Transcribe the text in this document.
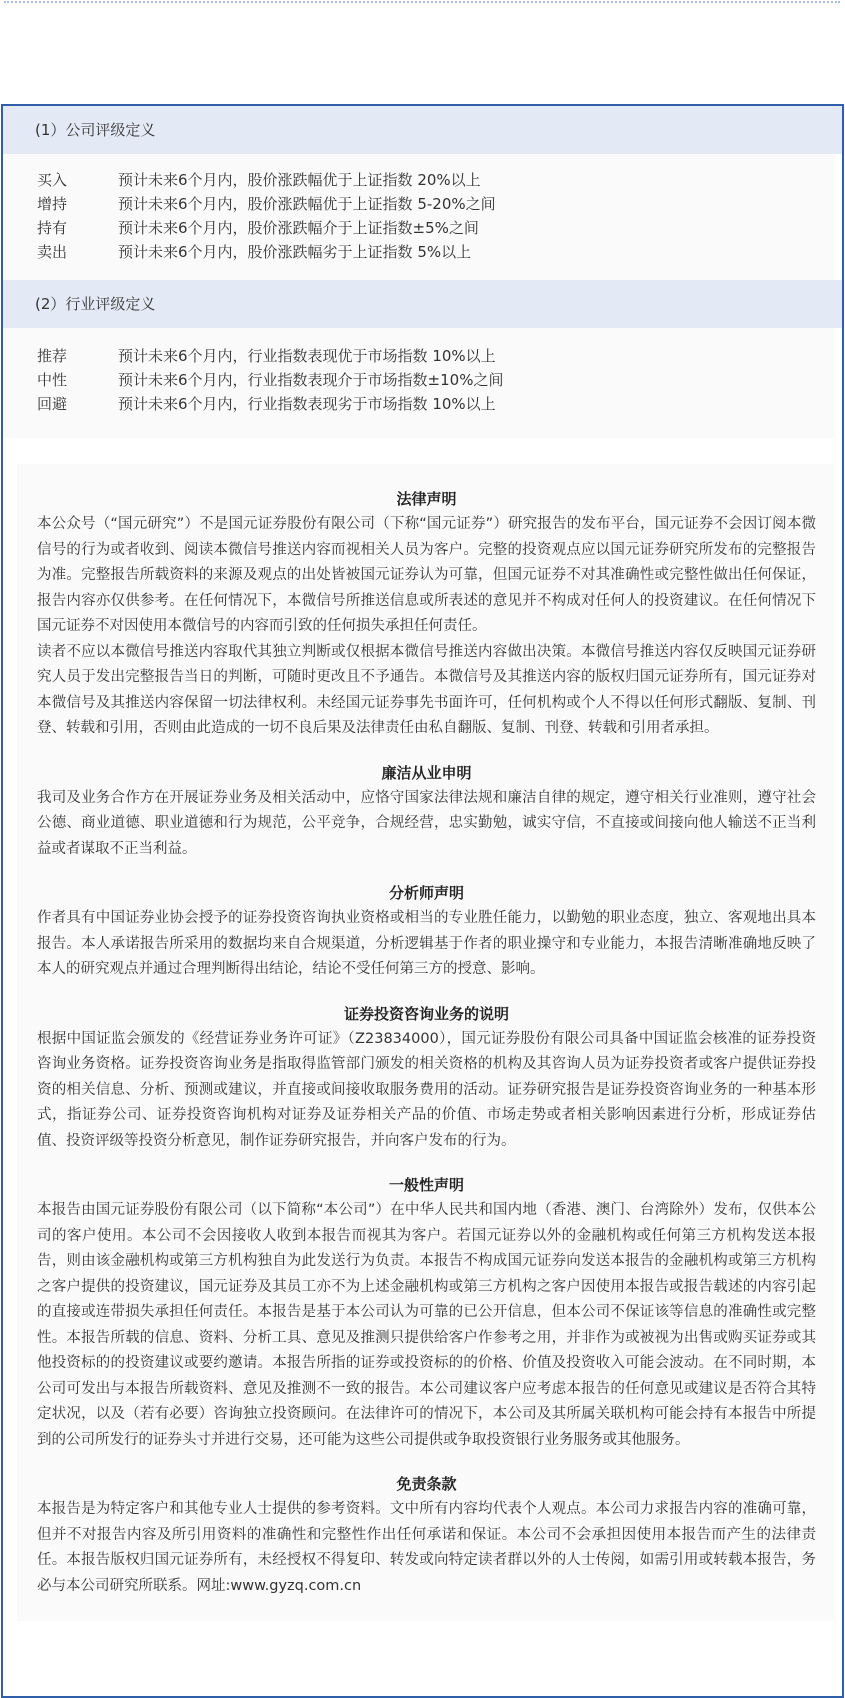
(1）公司评级定义
买入	预计未来6个月内，股价涨跌幅优于上证指数 20%以上
增持	预计未来6个月内，股价涨跌幅优于上证指数 5-20%之间
持有	预计未来6个月内，股价涨跌幅介于上证指数±5%之间
卖出	预计未来6个月内，股价涨跌幅劣于上证指数 5%以上
(2）行业评级定义
推荐	预计未来6个月内，行业指数表现优于市场指数 10%以上
中性	预计未来6个月内，行业指数表现介于市场指数±10%之间
回避	预计未来6个月内，行业指数表现劣于市场指数 10%以上
法律声明

本公众号（“国元研究”）不是国元证券股份有限公司（下称“国元证券”）研究报告的发布平台，国元证券不会因订阅本微信号的行为或者收到、阅读本微信号推送内容而视相关人员为客户。完整的投资观点应以国元证券研究所发布的完整报告为准。完整报告所载资料的来源及观点的出处皆被国元证券认为可靠，但国元证券不对其准确性或完整性做出任何保证，报告内容亦仅供参考。在任何情况下，本微信号所推送信息或所表述的意见并不构成对任何人的投资建议。在任何情况下国元证券不对因使用本微信号的内容而引致的任何损失承担任何责任。

读者不应以本微信号推送内容取代其独立判断或仅根据本微信号推送内容做出决策。本微信号推送内容仅反映国元证券研究人员于发出完整报告当日的判断，可随时更改且不予通告。本微信号及其推送内容的版权归国元证券所有，国元证券对本微信号及其推送内容保留一切法律权利。未经国元证券事先书面许可，任何机构或个人不得以任何形式翻版、复制、刊登、转载和引用，否则由此造成的一切不良后果及法律责任由私自翻版、复制、刊登、转载和引用者承担。

廉洁从业申明

我司及业务合作方在开展证券业务及相关活动中，应恪守国家法律法规和廉洁自律的规定，遵守相关行业准则，遵守社会公德、商业道德、职业道德和行为规范，公平竞争，合规经营，忠实勤勉，诚实守信，不直接或间接向他人输送不正当利益或者谋取不正当利益。

分析师声明

作者具有中国证券业协会授予的证券投资咨询执业资格或相当的专业胜任能力，以勤勉的职业态度，独立、客观地出具本报告。本人承诺报告所采用的数据均来自合规渠道，分析逻辑基于作者的职业操守和专业能力，本报告清晰准确地反映了本人的研究观点并通过合理判断得出结论，结论不受任何第三方的授意、影响。

证券投资咨询业务的说明

根据中国证监会颁发的《经营证券业务许可证》（Z23834000），国元证券股份有限公司具备中国证监会核准的证券投资咨询业务资格。证券投资咨询业务是指取得监管部门颁发的相关资格的机构及其咨询人员为证券投资者或客户提供证券投资的相关信息、分析、预测或建议，并直接或间接收取服务费用的活动。证券研究报告是证券投资咨询业务的一种基本形式，指证券公司、证券投资咨询机构对证券及证券相关产品的价值、市场走势或者相关影响因素进行分析，形成证券估值、投资评级等投资分析意见，制作证券研究报告，并向客户发布的行为。

一般性声明

本报告由国元证券股份有限公司（以下简称“本公司”）在中华人民共和国内地（香港、澳门、台湾除外）发布，仅供本公司的客户使用。本公司不会因接收人收到本报告而视其为客户。若国元证券以外的金融机构或任何第三方机构发送本报告，则由该金融机构或第三方机构独自为此发送行为负责。本报告不构成国元证券向发送本报告的金融机构或第三方机构之客户提供的投资建议，国元证券及其员工亦不为上述金融机构或第三方机构之客户因使用本报告或报告载述的内容引起的直接或连带损失承担任何责任。本报告是基于本公司认为可靠的已公开信息，但本公司不保证该等信息的准确性或完整性。本报告所载的信息、资料、分析工具、意见及推测只提供给客户作参考之用，并非作为或被视为出售或购买证券或其他投资标的的投资建议或要约邀请。本报告所指的证券或投资标的的价格、价值及投资收入可能会波动。在不同时期，本公司可发出与本报告所载资料、意见及推测不一致的报告。本公司建议客户应考虑本报告的任何意见或建议是否符合其特定状况，以及（若有必要）咨询独立投资顾问。在法律许可的情况下，本公司及其所属关联机构可能会持有本报告中所提到的公司所发行的证券头寸并进行交易，还可能为这些公司提供或争取投资银行业务服务或其他服务。

免责条款

本报告是为特定客户和其他专业人士提供的参考资料。文中所有内容均代表个人观点。本公司力求报告内容的准确可靠，但并不对报告内容及所引用资料的准确性和完整性作出任何承诺和保证。本公司不会承担因使用本报告而产生的法律责任。本报告版权归国元证券所有，未经授权不得复印、转发或向特定读者群以外的人士传阅，如需引用或转载本报告，务必与本公司研究所联系。网址:www.gyzq.com.cn
